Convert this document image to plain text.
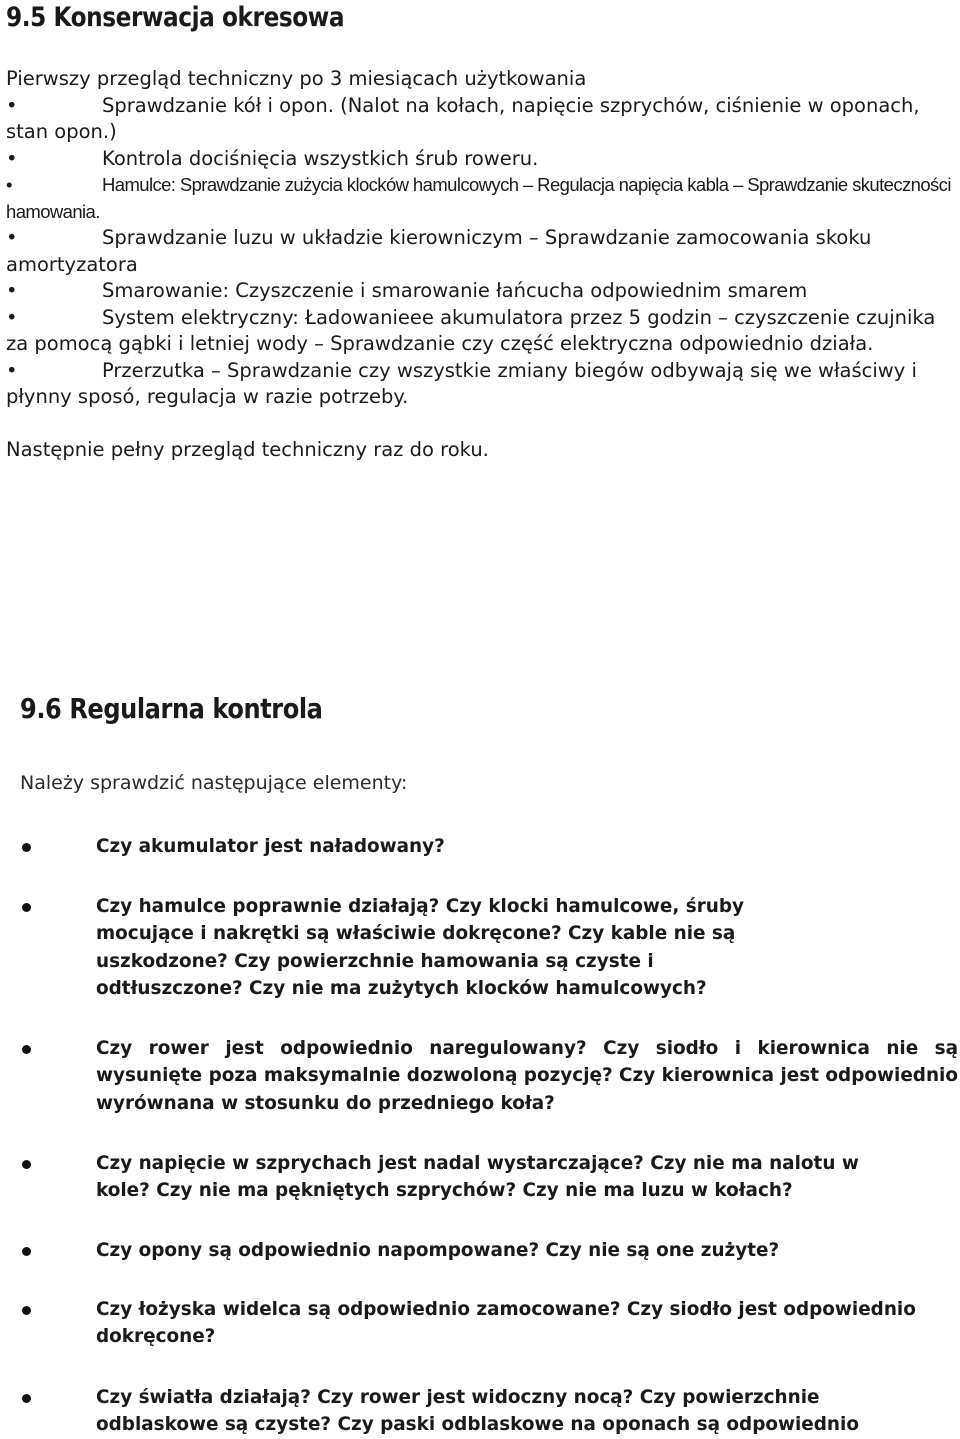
9.5 Konserwacja okresowa

Pierwszy przegląd techniczny po 3 miesiącach użytkowania

•	Sprawdzanie kół i opon. (Nalot na kołach, napięcie szprychów, ciśnienie w oponach, stan opon.)

•	Kontrola dociśnięcia wszystkich śrub roweru.

•	Hamulce: Sprawdzanie zużycia klocków hamulcowych – Regulacja napięcia kabla – Sprawdzanie skuteczności hamowania.

•	Sprawdzanie luzu w układzie kierowniczym – Sprawdzanie zamocowania skoku amortyzatora

•	Smarowanie: Czyszczenie i smarowanie łańcucha odpowiednim smarem

•	System elektryczny: Ładowanieee akumulatora przez 5 godzin – czyszczenie czujnika za pomocą gąbki i letniej wody – Sprawdzanie czy część elektryczna odpowiednio działa.

•	Przerzutka – Sprawdzanie czy wszystkie zmiany biegów odbywają się we właściwy i płynny sposó, regulacja w razie potrzeby.

Następnie pełny przegląd techniczny raz do roku.

9.6 Regularna kontrola
Należy sprawdzić następujące elementy:
Czy akumulator jest naładowany?
Czy hamulce poprawnie działają? Czy klocki hamulcowe, śruby mocujące i nakrętki są właściwie dokręcone? Czy kable nie są uszkodzone? Czy powierzchnie hamowania są czyste i odtłuszczone? Czy nie ma zużytych klocków hamulcowych?
Czy rower jest odpowiednio naregulowany? Czy siodło i kierownica nie są wysunięte poza maksymalnie dozwoloną pozycję? Czy kierownica jest odpowiednio wyrównana w stosunku do przedniego koła?
Czy napięcie w szprychach jest nadal wystarczające? Czy nie ma nalotu w kole? Czy nie ma pękniętych szprychów? Czy nie ma luzu w kołach?
Czy opony są odpowiednio napompowane? Czy nie są one zużyte?
Czy łożyska widelca są odpowiednio zamocowane? Czy siodło jest odpowiednio dokręcone?
Czy światła działają? Czy rower jest widoczny nocą? Czy powierzchnie odblaskowe są czyste? Czy paski odblaskowe na oponach są odpowiednio
